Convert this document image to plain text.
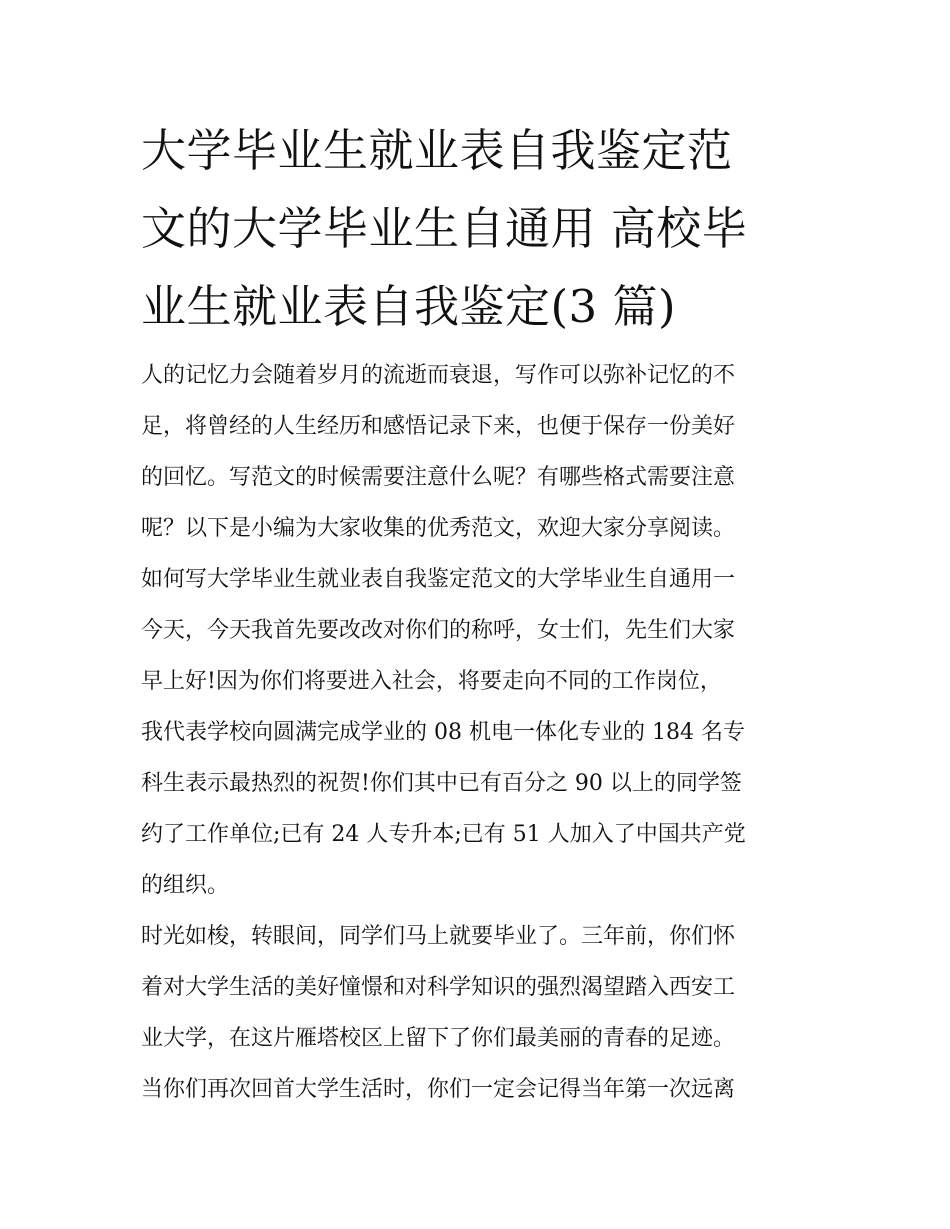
大学毕业生就业表自我鉴定范
文的大学毕业生自通用 高校毕
业生就业表自我鉴定(3 篇)
人的记忆力会随着岁月的流逝而衰退，写作可以弥补记忆的不
足，将曾经的人生经历和感悟记录下来，也便于保存一份美好
的回忆。写范文的时候需要注意什么呢？有哪些格式需要注意
呢？以下是小编为大家收集的优秀范文，欢迎大家分享阅读。
如何写大学毕业生就业表自我鉴定范文的大学毕业生自通用一
今天，今天我首先要改改对你们的称呼，女士们，先生们大家
早上好!因为你们将要进入社会，将要走向不同的工作岗位，
我代表学校向圆满完成学业的 08 机电一体化专业的 184 名专
科生表示最热烈的祝贺!你们其中已有百分之 90 以上的同学签
约了工作单位;已有 24 人专升本;已有 51 人加入了中国共产党
的组织。
时光如梭，转眼间，同学们马上就要毕业了。三年前，你们怀
着对大学生活的美好憧憬和对科学知识的强烈渴望踏入西安工
业大学，在这片雁塔校区上留下了你们最美丽的青春的足迹。
当你们再次回首大学生活时，你们一定会记得当年第一次远离
